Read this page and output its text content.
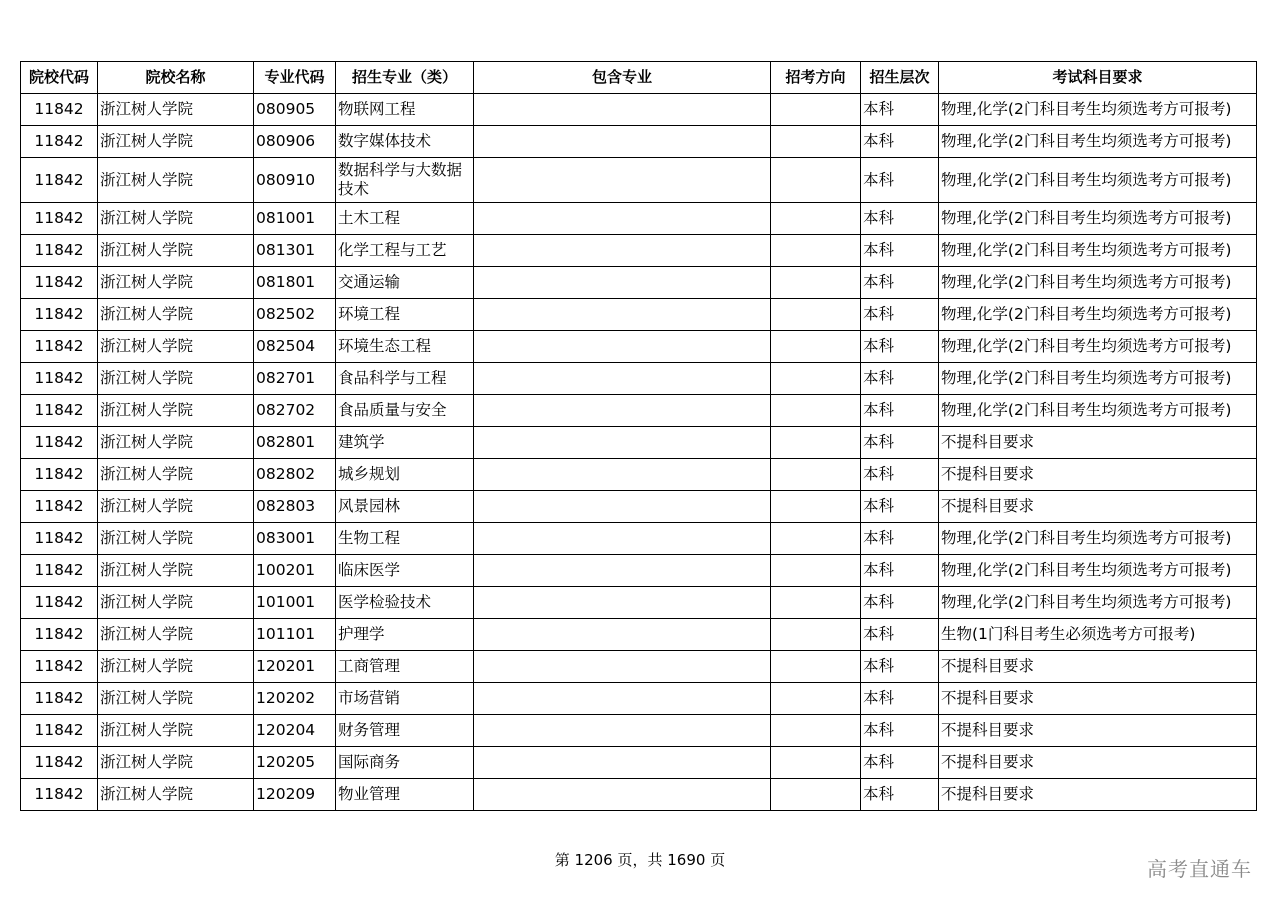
院校代码	院校名称	专业代码	招生专业（类）	包含专业	招考方向	招生层次	考试科目要求
11842	浙江树人学院	080905	物联网工程			本科	物理,化学(2门科目考生均须选考方可报考)
11842	浙江树人学院	080906	数字媒体技术			本科	物理,化学(2门科目考生均须选考方可报考)
11842	浙江树人学院	080910	数据科学与大数据技术			本科	物理,化学(2门科目考生均须选考方可报考)
11842	浙江树人学院	081001	土木工程			本科	物理,化学(2门科目考生均须选考方可报考)
11842	浙江树人学院	081301	化学工程与工艺			本科	物理,化学(2门科目考生均须选考方可报考)
11842	浙江树人学院	081801	交通运输			本科	物理,化学(2门科目考生均须选考方可报考)
11842	浙江树人学院	082502	环境工程			本科	物理,化学(2门科目考生均须选考方可报考)
11842	浙江树人学院	082504	环境生态工程			本科	物理,化学(2门科目考生均须选考方可报考)
11842	浙江树人学院	082701	食品科学与工程			本科	物理,化学(2门科目考生均须选考方可报考)
11842	浙江树人学院	082702	食品质量与安全			本科	物理,化学(2门科目考生均须选考方可报考)
11842	浙江树人学院	082801	建筑学			本科	不提科目要求
11842	浙江树人学院	082802	城乡规划			本科	不提科目要求
11842	浙江树人学院	082803	风景园林			本科	不提科目要求
11842	浙江树人学院	083001	生物工程			本科	物理,化学(2门科目考生均须选考方可报考)
11842	浙江树人学院	100201	临床医学			本科	物理,化学(2门科目考生均须选考方可报考)
11842	浙江树人学院	101001	医学检验技术			本科	物理,化学(2门科目考生均须选考方可报考)
11842	浙江树人学院	101101	护理学			本科	生物(1门科目考生必须选考方可报考)
11842	浙江树人学院	120201	工商管理			本科	不提科目要求
11842	浙江树人学院	120202	市场营销			本科	不提科目要求
11842	浙江树人学院	120204	财务管理			本科	不提科目要求
11842	浙江树人学院	120205	国际商务			本科	不提科目要求
11842	浙江树人学院	120209	物业管理			本科	不提科目要求
第 1206 页，共 1690 页	高考直通车
